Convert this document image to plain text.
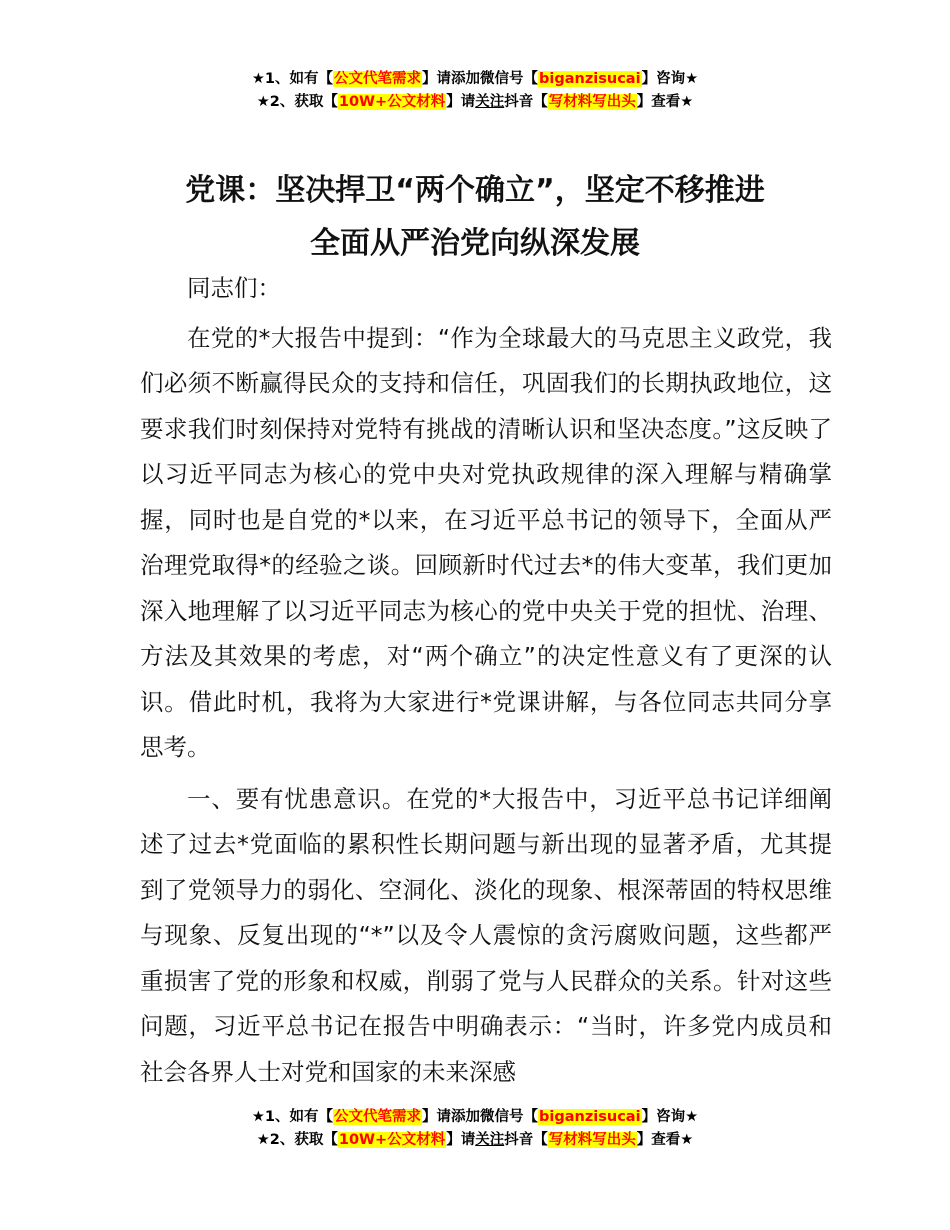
★1、如有【公文代笔需求】请添加微信号【biganzisucai】咨询★
★2、获取【10W+公文材料】请关注抖音【写材料写出头】查看★
党课：坚决捍卫“两个确立”，坚定不移推进
全面从严治党向纵深发展

同志们：

在党的*大报告中提到：“作为全球最大的马克思主义政党，我们必须不断赢得民众的支持和信任，巩固我们的长期执政地位，这要求我们时刻保持对党特有挑战的清晰认识和坚决态度。”这反映了以习近平同志为核心的党中央对党执政规律的深入理解与精确掌握，同时也是自党的*以来，在习近平总书记的领导下，全面从严治理党取得*的经验之谈。回顾新时代过去*的伟大变革，我们更加深入地理解了以习近平同志为核心的党中央关于党的担忧、治理、方法及其效果的考虑，对“两个确立”的决定性意义有了更深的认识。借此时机，我将为大家进行*党课讲解，与各位同志共同分享思考。

一、要有忧患意识。在党的*大报告中，习近平总书记详细阐述了过去*党面临的累积性长期问题与新出现的显著矛盾，尤其提到了党领导力的弱化、空洞化、淡化的现象、根深蒂固的特权思维与现象、反复出现的“*”以及令人震惊的贪污腐败问题，这些都严重损害了党的形象和权威，削弱了党与人民群众的关系。针对这些问题，习近平总书记在报告中明确表示：“当时，许多党内成员和社会各界人士对党和国家的未来深感

★1、如有【公文代笔需求】请添加微信号【biganzisucai】咨询★
★2、获取【10W+公文材料】请关注抖音【写材料写出头】查看★
